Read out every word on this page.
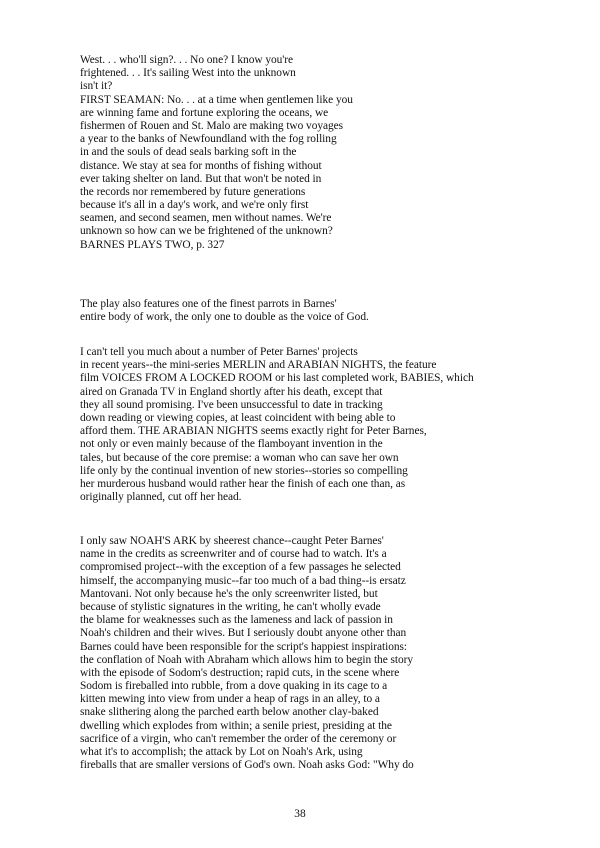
West. . . who'll sign?. . . No one? I know you're
frightened. . . It's sailing West into the unknown
isn't it?
FIRST SEAMAN: No. . . at a time when gentlemen like you
are winning fame and fortune exploring the oceans, we
fishermen of Rouen and St. Malo are making two voyages
a year to the banks of Newfoundland with the fog rolling
in and the souls of dead seals barking soft in the
distance. We stay at sea for months of fishing without
ever taking shelter on land. But that won't be noted in
the records nor remembered by future generations
because it's all in a day's work, and we're only first
seamen, and second seamen, men without names. We're
unknown so how can we be frightened of the unknown?
BARNES PLAYS TWO, p. 327
The play also features one of the finest parrots in Barnes'
entire body of work, the only one to double as the voice of God.
I can't tell you much about a number of Peter Barnes' projects
in recent years--the mini-series MERLIN and ARABIAN NIGHTS, the feature
film VOICES FROM A LOCKED ROOM or his last completed work, BABIES, which
aired on Granada TV in England shortly after his death, except that
they all sound promising. I've been unsuccessful to date in tracking
down reading or viewing copies, at least coincident with being able to
afford them. THE ARABIAN NIGHTS seems exactly right for Peter Barnes,
not only or even mainly because of the flamboyant invention in the
tales, but because of the core premise: a woman who can save her own
life only by the continual invention of new stories--stories so compelling
her murderous husband would rather hear the finish of each one than, as
originally planned, cut off her head.
I only saw NOAH'S ARK by sheerest chance--caught Peter Barnes'
name in the credits as screenwriter and of course had to watch. It's a
compromised project--with the exception of a few passages he selected
himself, the accompanying music--far too much of a bad thing--is ersatz
Mantovani. Not only because he's the only screenwriter listed, but
because of stylistic signatures in the writing, he can't wholly evade
the blame for weaknesses such as the lameness and lack of passion in
Noah's children and their wives. But I seriously doubt anyone other than
Barnes could have been responsible for the script's happiest inspirations:
the conflation of Noah with Abraham which allows him to begin the story
with the episode of Sodom's destruction; rapid cuts, in the scene where
Sodom is fireballed into rubble, from a dove quaking in its cage to a
kitten mewing into view from under a heap of rags in an alley, to a
snake slithering along the parched earth below another clay-baked
dwelling which explodes from within; a senile priest, presiding at the
sacrifice of a virgin, who can't remember the order of the ceremony or
what it's to accomplish; the attack by Lot on Noah's Ark, using
fireballs that are smaller versions of God's own. Noah asks God: "Why do
38
